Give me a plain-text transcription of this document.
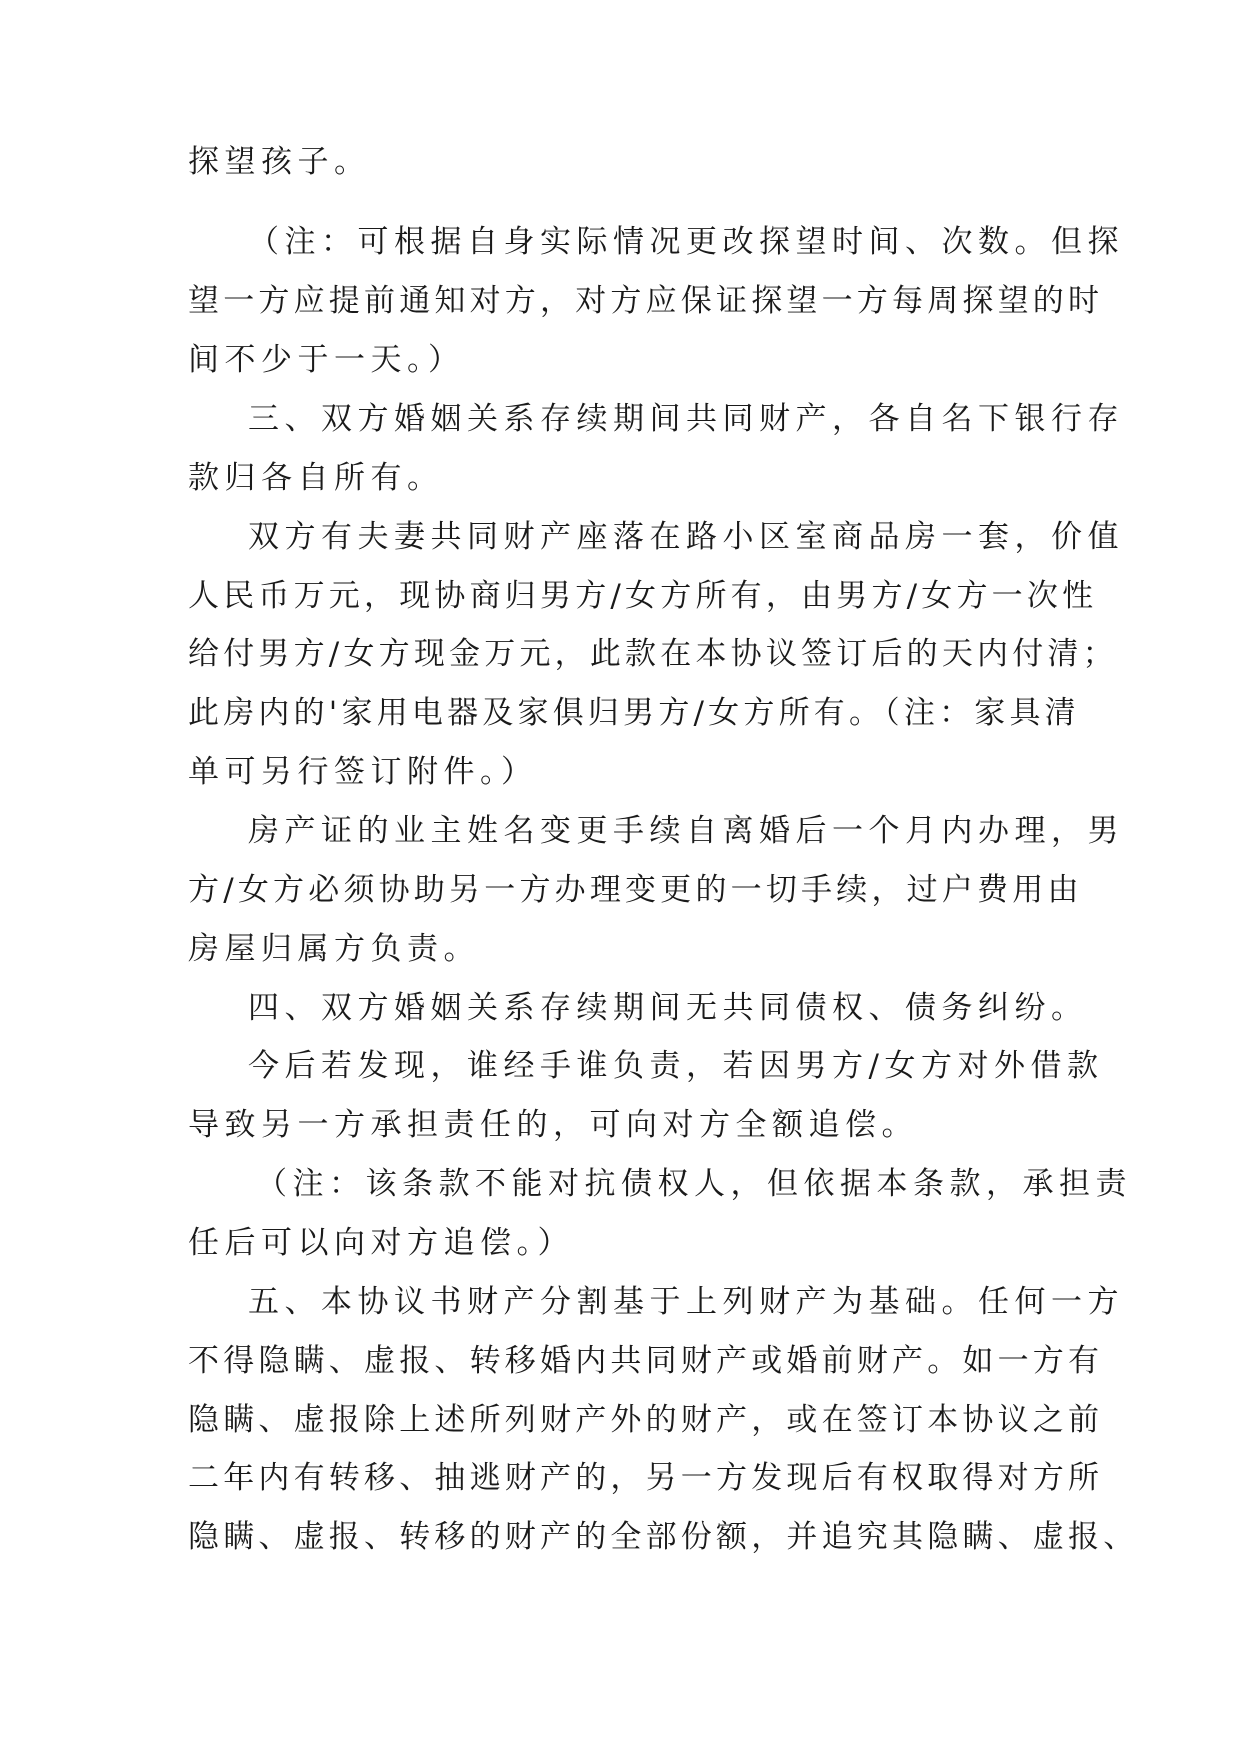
探望孩子。
（注：可根据自身实际情况更改探望时间、次数。但探
望一方应提前通知对方，对方应保证探望一方每周探望的时
间不少于一天。）
三、双方婚姻关系存续期间共同财产，各自名下银行存
款归各自所有。
双方有夫妻共同财产座落在路小区室商品房一套，价值
人民币万元，现协商归男方/女方所有，由男方/女方一次性
给付男方/女方现金万元，此款在本协议签订后的天内付清；
此房内的'家用电器及家俱归男方/女方所有。（注：家具清
单可另行签订附件。）
房产证的业主姓名变更手续自离婚后一个月内办理，男
方/女方必须协助另一方办理变更的一切手续，过户费用由
房屋归属方负责。
四、双方婚姻关系存续期间无共同债权、债务纠纷。
今后若发现，谁经手谁负责，若因男方/女方对外借款
导致另一方承担责任的，可向对方全额追偿。
（注：该条款不能对抗债权人，但依据本条款，承担责
任后可以向对方追偿。）
五、本协议书财产分割基于上列财产为基础。任何一方
不得隐瞒、虚报、转移婚内共同财产或婚前财产。如一方有
隐瞒、虚报除上述所列财产外的财产，或在签订本协议之前
二年内有转移、抽逃财产的，另一方发现后有权取得对方所
隐瞒、虚报、转移的财产的全部份额，并追究其隐瞒、虚报、
